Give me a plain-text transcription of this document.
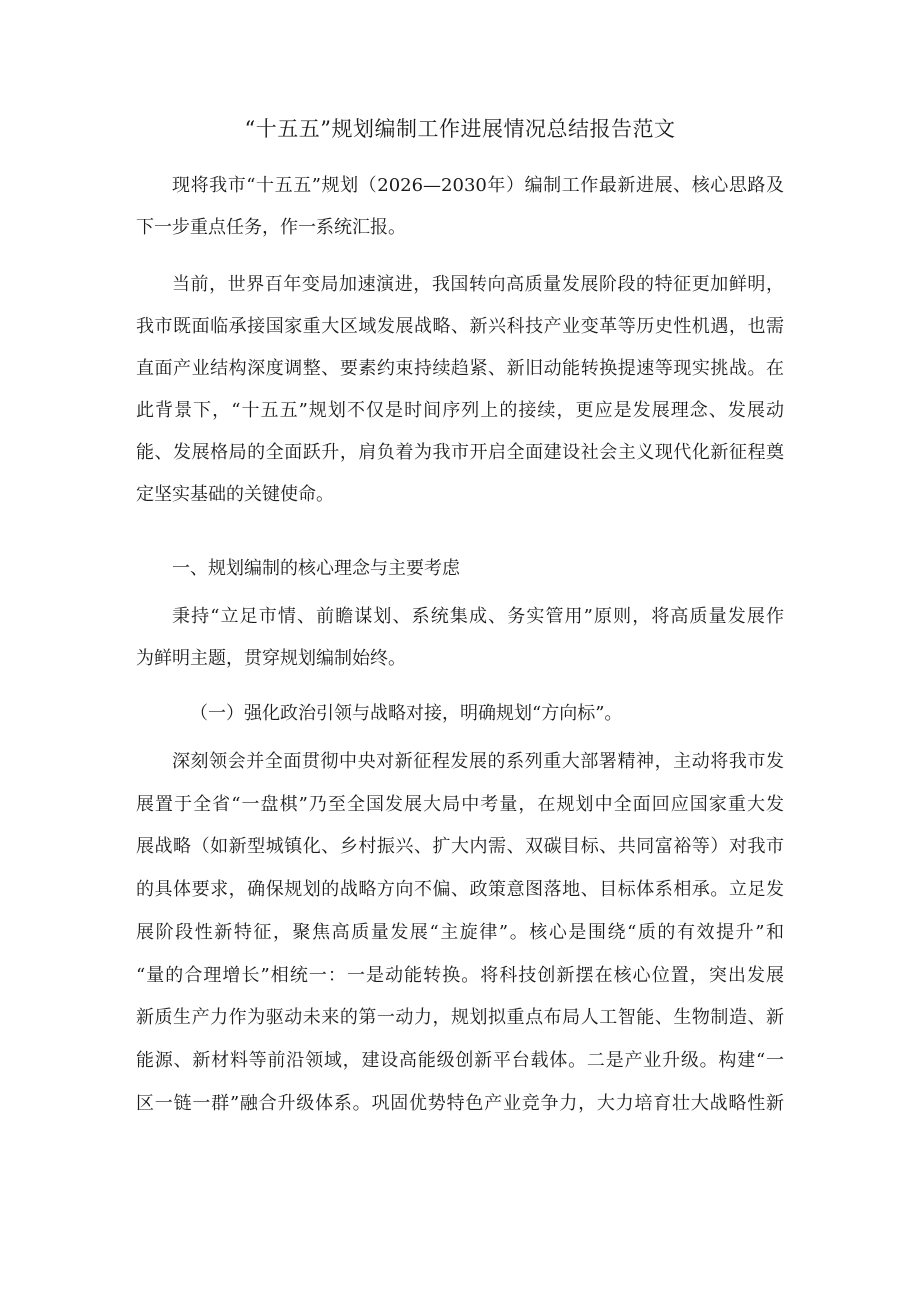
“十五五”规划编制工作进展情况总结报告范文
现将我市“十五五”规划（2026—2030年）编制工作最新进展、核心思路及
下一步重点任务，作一系统汇报。
当前，世界百年变局加速演进，我国转向高质量发展阶段的特征更加鲜明，
我市既面临承接国家重大区域发展战略、新兴科技产业变革等历史性机遇，也需
直面产业结构深度调整、要素约束持续趋紧、新旧动能转换提速等现实挑战。在
此背景下，“十五五”规划不仅是时间序列上的接续，更应是发展理念、发展动
能、发展格局的全面跃升，肩负着为我市开启全面建设社会主义现代化新征程奠
定坚实基础的关键使命。
一、规划编制的核心理念与主要考虑
秉持“立足市情、前瞻谋划、系统集成、务实管用”原则，将高质量发展作
为鲜明主题，贯穿规划编制始终。
（一）强化政治引领与战略对接，明确规划“方向标”。
深刻领会并全面贯彻中央对新征程发展的系列重大部署精神，主动将我市发
展置于全省“一盘棋”乃至全国发展大局中考量，在规划中全面回应国家重大发
展战略（如新型城镇化、乡村振兴、扩大内需、双碳目标、共同富裕等）对我市
的具体要求，确保规划的战略方向不偏、政策意图落地、目标体系相承。立足发
展阶段性新特征，聚焦高质量发展“主旋律”。核心是围绕“质的有效提升”和
“量的合理增长”相统一：一是动能转换。将科技创新摆在核心位置，突出发展
新质生产力作为驱动未来的第一动力，规划拟重点布局人工智能、生物制造、新
能源、新材料等前沿领域，建设高能级创新平台载体。二是产业升级。构建“一
区一链一群”融合升级体系。巩固优势特色产业竞争力，大力培育壮大战略性新
